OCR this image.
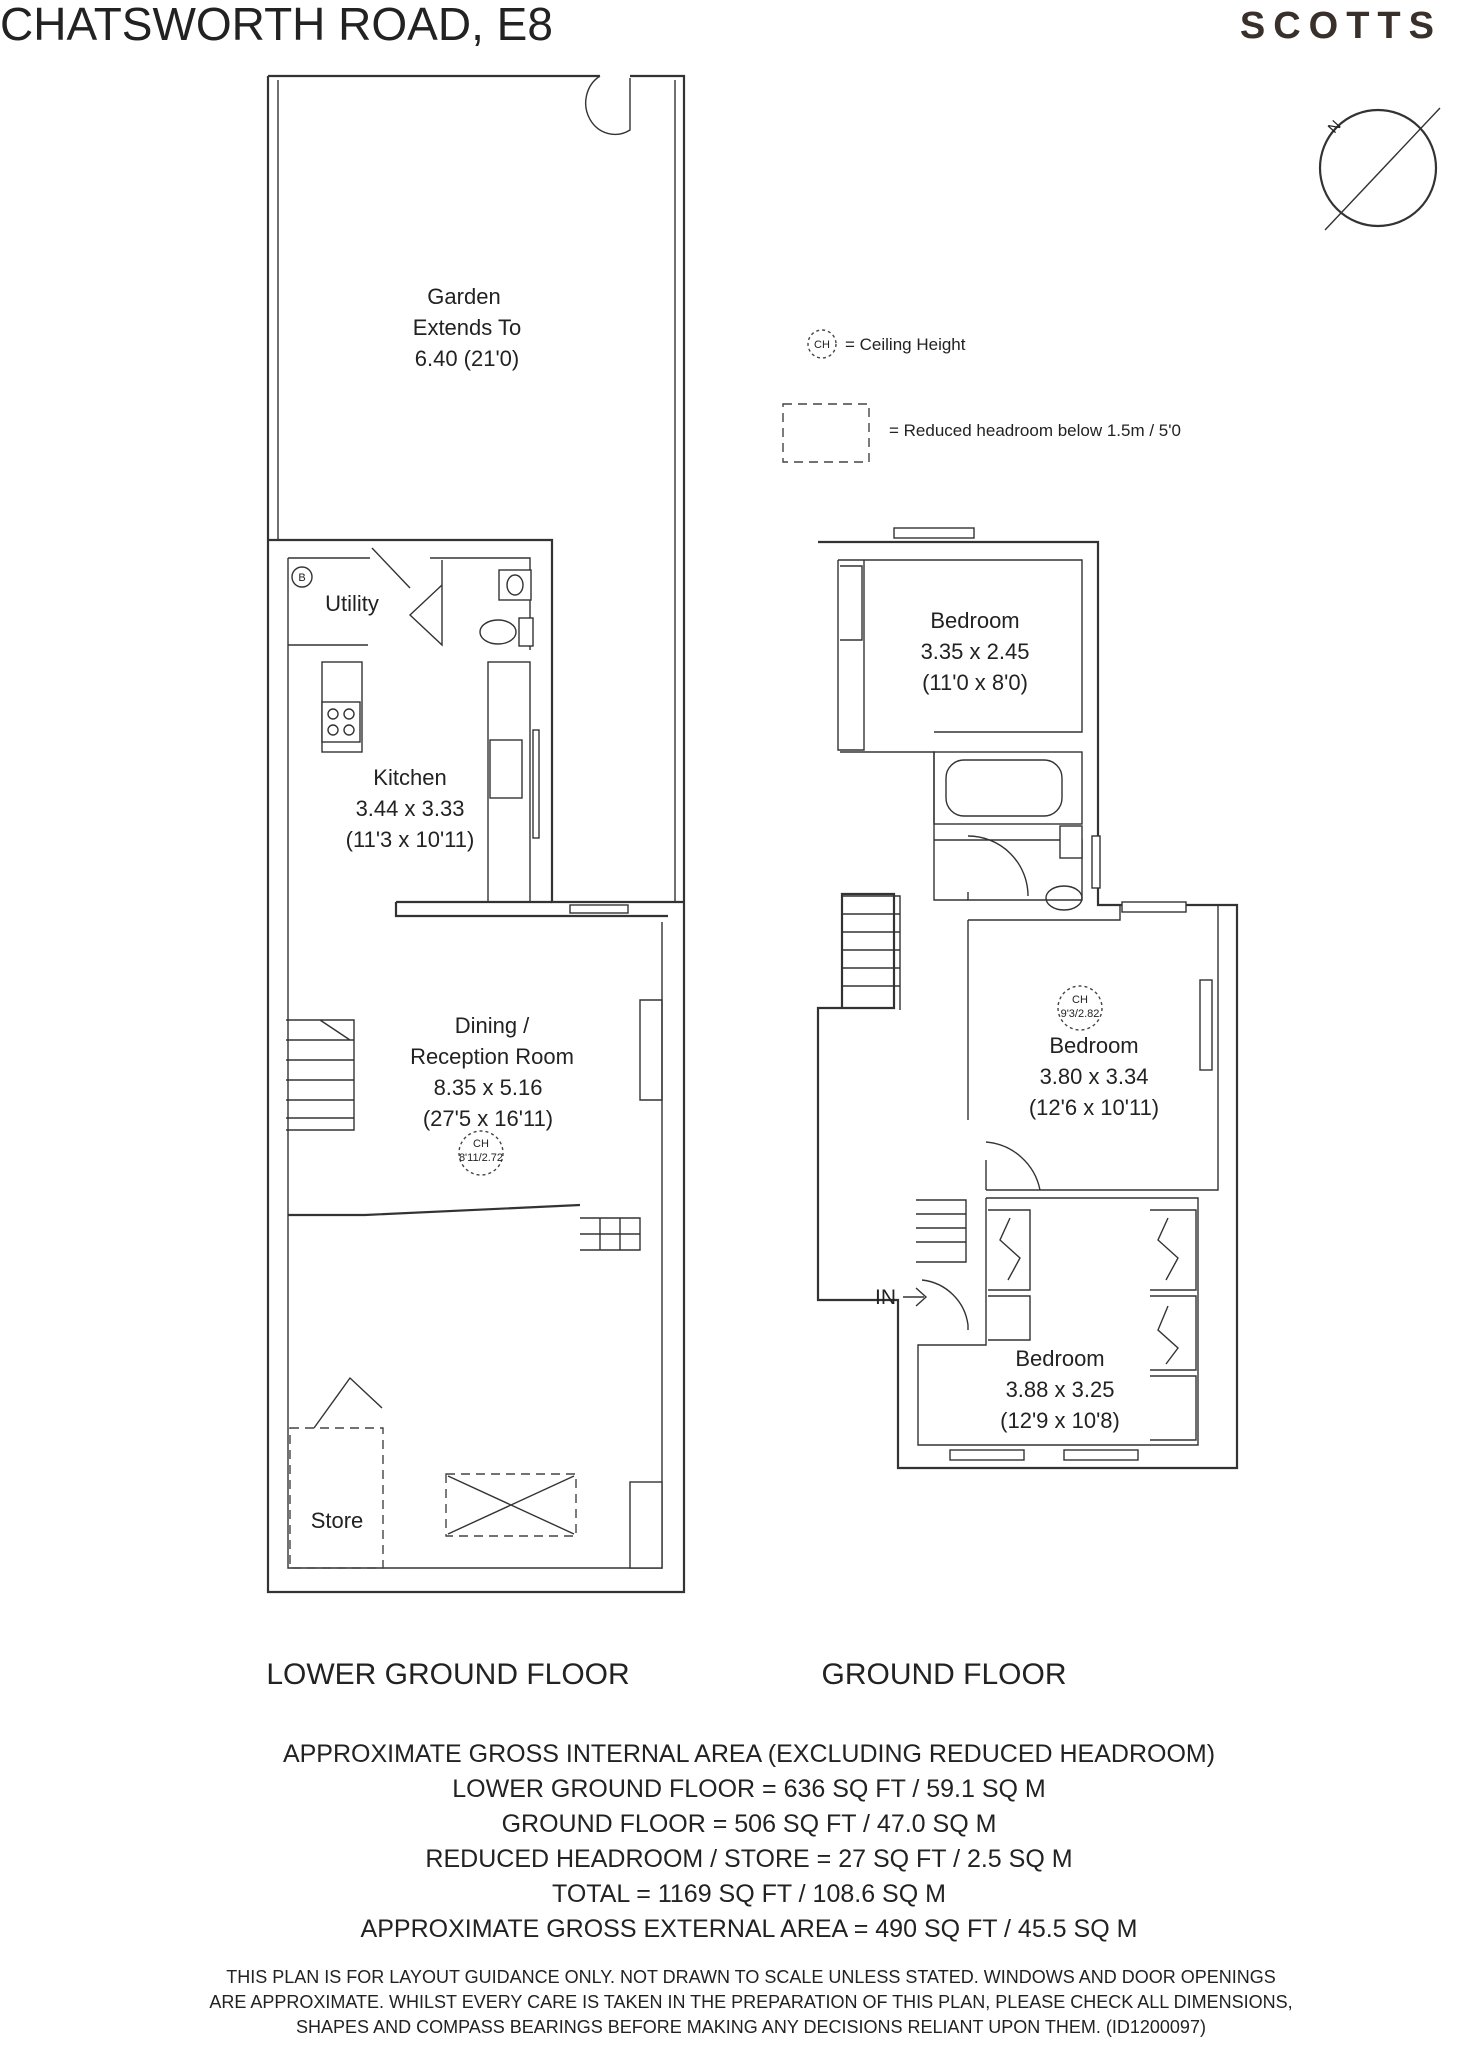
CHATSWORTH ROAD, E8	SCOTTS
N
CH = Ceiling Height
= Reduced headroom below 1.5m / 5'0
Garden
Extends To
6.40 (21'0)
B
Utility
Kitchen
3.44 x 3.33
(11'3 x 10'11)
Dining /
Reception Room
8.35 x 5.16
(27'5 x 16'11)
CH
8'11/2.72
Store
Bedroom
3.35 x 2.45
(11'0 x 8'0)
CH
9'3/2.82
Bedroom
3.80 x 3.34
(12'6 x 10'11)
Bedroom
3.88 x 3.25
(12'9 x 10'8)
IN
LOWER GROUND FLOOR	GROUND FLOOR
APPROXIMATE GROSS INTERNAL AREA (EXCLUDING REDUCED HEADROOM)
LOWER GROUND FLOOR = 636 SQ FT / 59.1 SQ M
GROUND FLOOR = 506 SQ FT / 47.0 SQ M
REDUCED HEADROOM / STORE = 27 SQ FT / 2.5 SQ M
TOTAL = 1169 SQ FT / 108.6 SQ M
APPROXIMATE GROSS EXTERNAL AREA = 490 SQ FT / 45.5 SQ M
THIS PLAN IS FOR LAYOUT GUIDANCE ONLY. NOT DRAWN TO SCALE UNLESS STATED. WINDOWS AND DOOR OPENINGS
ARE APPROXIMATE. WHILST EVERY CARE IS TAKEN IN THE PREPARATION OF THIS PLAN, PLEASE CHECK ALL DIMENSIONS,
SHAPES AND COMPASS BEARINGS BEFORE MAKING ANY DECISIONS RELIANT UPON THEM. (ID1200097)
